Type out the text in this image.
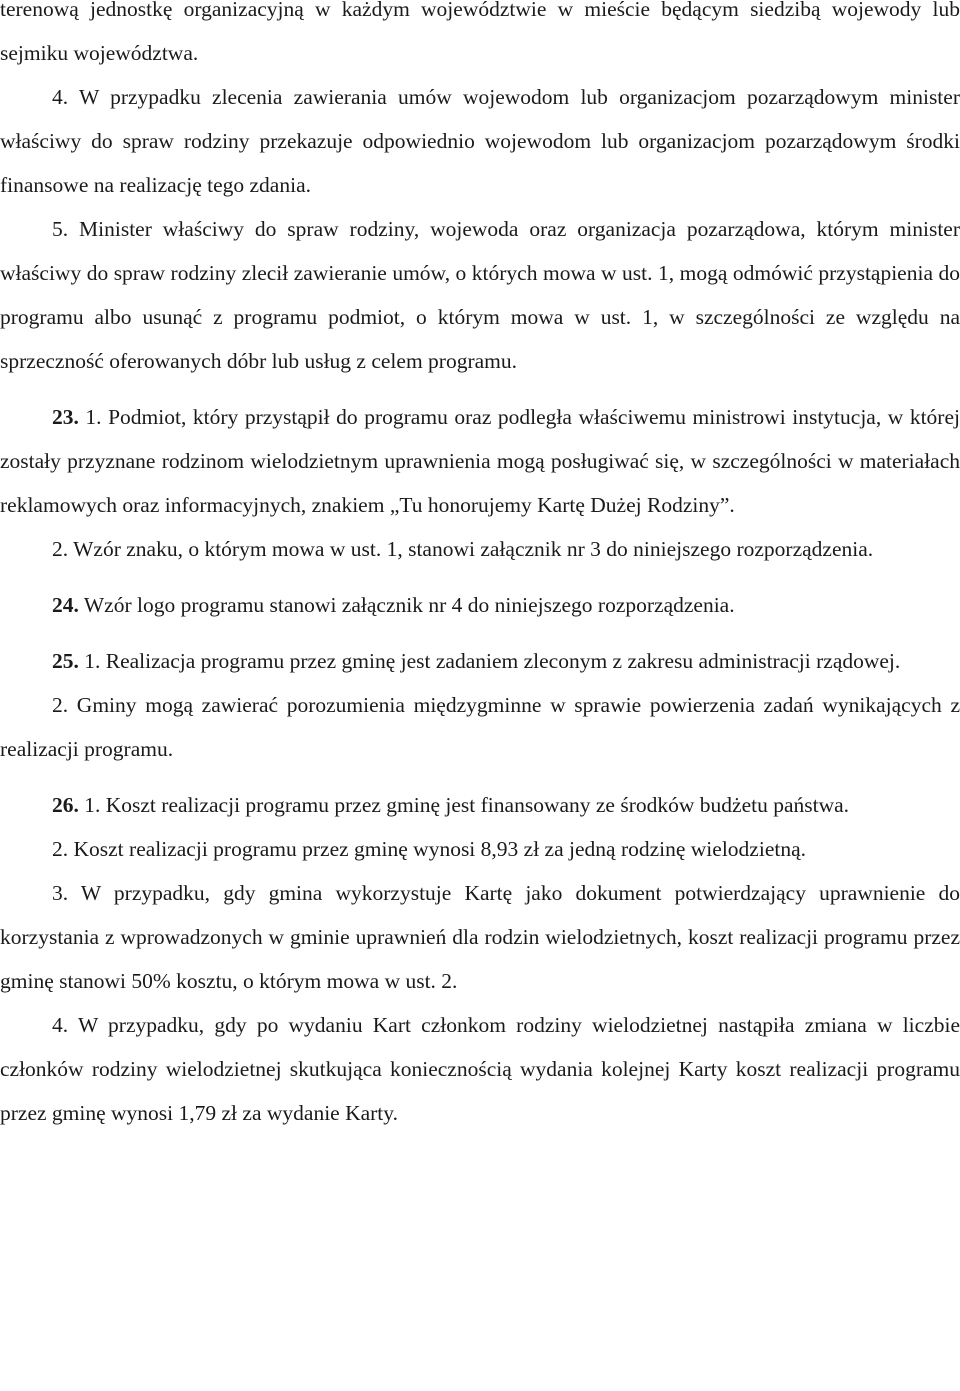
terenową jednostkę organizacyjną w każdym województwie w mieście będącym siedzibą wojewody lub sejmiku województwa.

4. W przypadku zlecenia zawierania umów wojewodom lub organizacjom pozarządowym minister właściwy do spraw rodziny przekazuje odpowiednio wojewodom lub organizacjom pozarządowym środki finansowe na realizację tego zdania.

5. Minister właściwy do spraw rodziny, wojewoda oraz organizacja pozarządowa, którym minister właściwy do spraw rodziny zlecił zawieranie umów, o których mowa w ust. 1, mogą odmówić przystąpienia do programu albo usunąć z programu podmiot, o którym mowa w ust. 1, w szczególności ze względu na sprzeczność oferowanych dóbr lub usług z celem programu.

23. 1. Podmiot, który przystąpił do programu oraz podległa właściwemu ministrowi instytucja, w której zostały przyznane rodzinom wielodzietnym uprawnienia mogą posługiwać się, w szczególności w materiałach reklamowych oraz informacyjnych, znakiem „Tu honorujemy Kartę Dużej Rodziny”.

2. Wzór znaku, o którym mowa w ust. 1, stanowi załącznik nr 3 do niniejszego rozporządzenia.

24. Wzór logo programu stanowi załącznik nr 4 do niniejszego rozporządzenia.

25. 1. Realizacja programu przez gminę jest zadaniem zleconym z zakresu administracji rządowej.

2. Gminy mogą zawierać porozumienia międzygminne w sprawie powierzenia zadań wynikających z realizacji programu.

26. 1. Koszt realizacji programu przez gminę jest finansowany ze środków budżetu państwa.

2. Koszt realizacji programu przez gminę wynosi 8,93 zł za jedną rodzinę wielodzietną.

3. W przypadku, gdy gmina wykorzystuje Kartę jako dokument potwierdzający uprawnienie do korzystania z wprowadzonych w gminie uprawnień dla rodzin wielodzietnych, koszt realizacji programu przez gminę stanowi 50% kosztu, o którym mowa w ust. 2.

4. W przypadku, gdy po wydaniu Kart członkom rodziny wielodzietnej nastąpiła zmiana w liczbie członków rodziny wielodzietnej skutkująca koniecznością wydania kolejnej Karty koszt realizacji programu przez gminę wynosi 1,79 zł za wydanie Karty.
